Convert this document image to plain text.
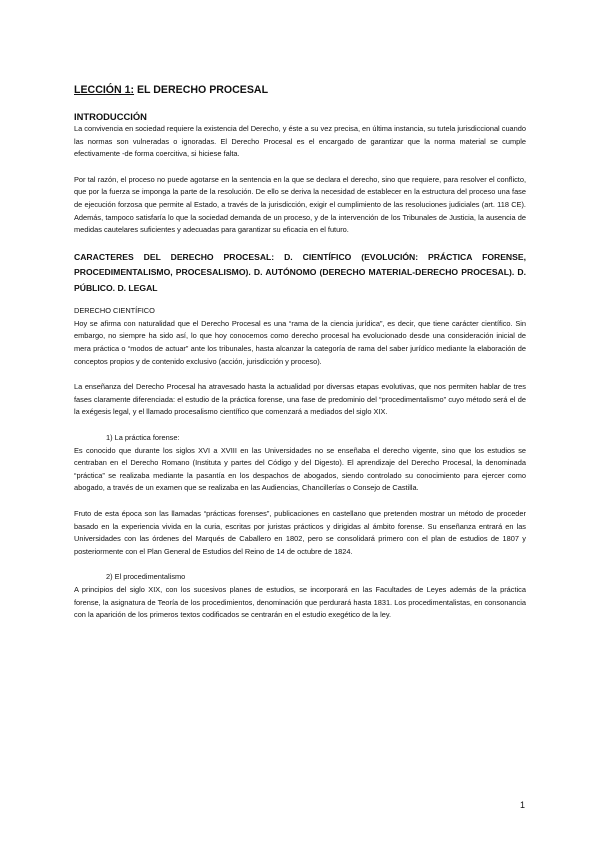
LECCIÓN 1: EL DERECHO PROCESAL
INTRODUCCIÓN

La convivencia en sociedad requiere la existencia del Derecho, y éste a su vez precisa, en última instancia, su tutela jurisdiccional cuando las normas son vulneradas o ignoradas. El Derecho Procesal es el encargado de garantizar que la norma material se cumple efectivamente -de forma coercitiva, si hiciese falta.

Por tal razón, el proceso no puede agotarse en la sentencia en la que se declara el derecho, sino que requiere, para resolver el conflicto, que por la fuerza se imponga la parte de la resolución. De ello se deriva la necesidad de establecer en la estructura del proceso una fase de ejecución forzosa que permite al Estado, a través de la jurisdicción, exigir el cumplimiento de las resoluciones judiciales (art. 118 CE). Además, tampoco satisfaría lo que la sociedad demanda de un proceso, y de la intervención de los Tribunales de Justicia, la ausencia de medidas cautelares suficientes y adecuadas para garantizar su eficacia en el futuro.

CARACTERES DEL DERECHO PROCESAL: D. CIENTÍFICO (EVOLUCIÓN: PRÁCTICA FORENSE, PROCEDIMENTALISMO, PROCESALISMO). D. AUTÓNOMO (DERECHO MATERIAL-DERECHO PROCESAL). D. PÚBLICO. D. LEGAL
DERECHO CIENTÍFICO

Hoy se afirma con naturalidad que el Derecho Procesal es una “rama de la ciencia jurídica”, es decir, que tiene carácter científico. Sin embargo, no siempre ha sido así, lo que hoy conocemos como derecho procesal ha evolucionado desde una consideración inicial de mera práctica o “modos de actuar” ante los tribunales, hasta alcanzar la categoría de rama del saber jurídico mediante la elaboración de conceptos propios y de contenido exclusivo (acción, jurisdicción y proceso).

La enseñanza del Derecho Procesal ha atravesado hasta la actualidad por diversas etapas evolutivas, que nos permiten hablar de tres fases claramente diferenciada: el estudio de la práctica forense, una fase de predominio del “procedimentalismo” cuyo método será el de la exégesis legal, y el llamado procesalismo científico que comenzará a mediados del siglo XIX.

1) La práctica forense:

Es conocido que durante los siglos XVI a XVIII en las Universidades no se enseñaba el derecho vigente, sino que los estudios se centraban en el Derecho Romano (Instituta y partes del Código y del Digesto). El aprendizaje del Derecho Procesal, la denominada “práctica” se realizaba mediante la pasantía en los despachos de abogados, siendo controlado su conocimiento para ejercer como abogado, a través de un examen que se realizaba en las Audiencias, Chancillerías o Consejo de Castilla.

Fruto de esta época son las llamadas “prácticas forenses”, publicaciones en castellano que pretenden mostrar un método de proceder basado en la experiencia vivida en la curia, escritas por juristas prácticos y dirigidas al ámbito forense. Su enseñanza entrará en las Universidades con las órdenes del Marqués de Caballero en 1802, pero se consolidará primero con el plan de estudios de 1807 y posteriormente con el Plan General de Estudios del Reino de 14 de octubre de 1824.

2) El procedimentalismo

A principios del siglo XIX, con los sucesivos planes de estudios, se incorporará en las Facultades de Leyes además de la práctica forense, la asignatura de Teoría de los procedimientos, denominación que perdurará hasta 1831. Los procedimentalistas, en consonancia con la aparición de los primeros textos codificados se centrarán en el estudio exegético de la ley.

1
